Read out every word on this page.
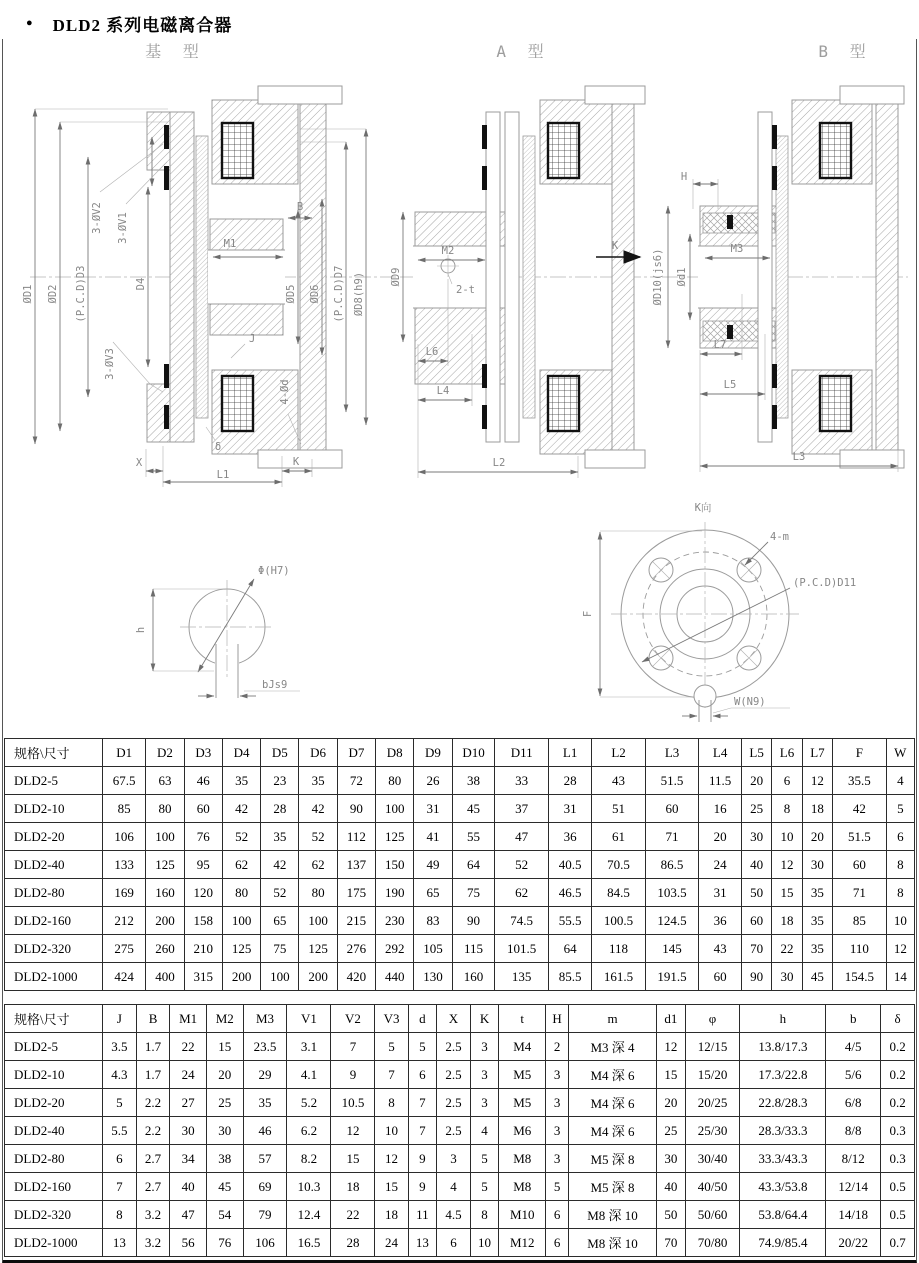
● DLD2 系列电磁离合器
基 型	A 型	B 型
ØD1 ØD2 (P.C.D)D3	D4
ØD5 ØD6 (P.C.D)D7 ØD8(h9)
3-ØV2 3-ØV1
3-ØV3
4-Ød
B
M1
J
δ
X
L1
K
2-t
M2
ØD9
K
L6
L4
L2
H
M3
ØD10(js6) Ød1
L7
L5
L3
Φ(H7)
h
bJs9
K向
4-m
(P.C.D)D11
F
W(N9)
规格\尺寸	D1	D2	D3	D4	D5	D6	D7	D8	D9	D10	D11	L1	L2	L3	L4	L5	L6	L7	F	W
DLD2-5	67.5	63	46	35	23	35	72	80	26	38	33	28	43	51.5	11.5	20	6	12	35.5	4
DLD2-10	85	80	60	42	28	42	90	100	31	45	37	31	51	60	16	25	8	18	42	5
DLD2-20	106	100	76	52	35	52	112	125	41	55	47	36	61	71	20	30	10	20	51.5	6
DLD2-40	133	125	95	62	42	62	137	150	49	64	52	40.5	70.5	86.5	24	40	12	30	60	8
DLD2-80	169	160	120	80	52	80	175	190	65	75	62	46.5	84.5	103.5	31	50	15	35	71	8
DLD2-160	212	200	158	100	65	100	215	230	83	90	74.5	55.5	100.5	124.5	36	60	18	35	85	10
DLD2-320	275	260	210	125	75	125	276	292	105	115	101.5	64	118	145	43	70	22	35	110	12
DLD2-1000	424	400	315	200	100	200	420	440	130	160	135	85.5	161.5	191.5	60	90	30	45	154.5	14
规格\尺寸	J	B	M1	M2	M3	V1	V2	V3	d	X	K	t	H	m	d1	φ	h	b	δ
DLD2-5	3.5	1.7	22	15	23.5	3.1	7	5	5	2.5	3	M4	2	M3 深 4	12	12/15	13.8/17.3	4/5	0.2
DLD2-10	4.3	1.7	24	20	29	4.1	9	7	6	2.5	3	M5	3	M4 深 6	15	15/20	17.3/22.8	5/6	0.2
DLD2-20	5	2.2	27	25	35	5.2	10.5	8	7	2.5	3	M5	3	M4 深 6	20	20/25	22.8/28.3	6/8	0.2
DLD2-40	5.5	2.2	30	30	46	6.2	12	10	7	2.5	4	M6	3	M4 深 6	25	25/30	28.3/33.3	8/8	0.3
DLD2-80	6	2.7	34	38	57	8.2	15	12	9	3	5	M8	3	M5 深 8	30	30/40	33.3/43.3	8/12	0.3
DLD2-160	7	2.7	40	45	69	10.3	18	15	9	4	5	M8	5	M5 深 8	40	40/50	43.3/53.8	12/14	0.5
DLD2-320	8	3.2	47	54	79	12.4	22	18	11	4.5	8	M10	6	M8 深 10	50	50/60	53.8/64.4	14/18	0.5
DLD2-1000	13	3.2	56	76	106	16.5	28	24	13	6	10	M12	6	M8 深 10	70	70/80	74.9/85.4	20/22	0.7
